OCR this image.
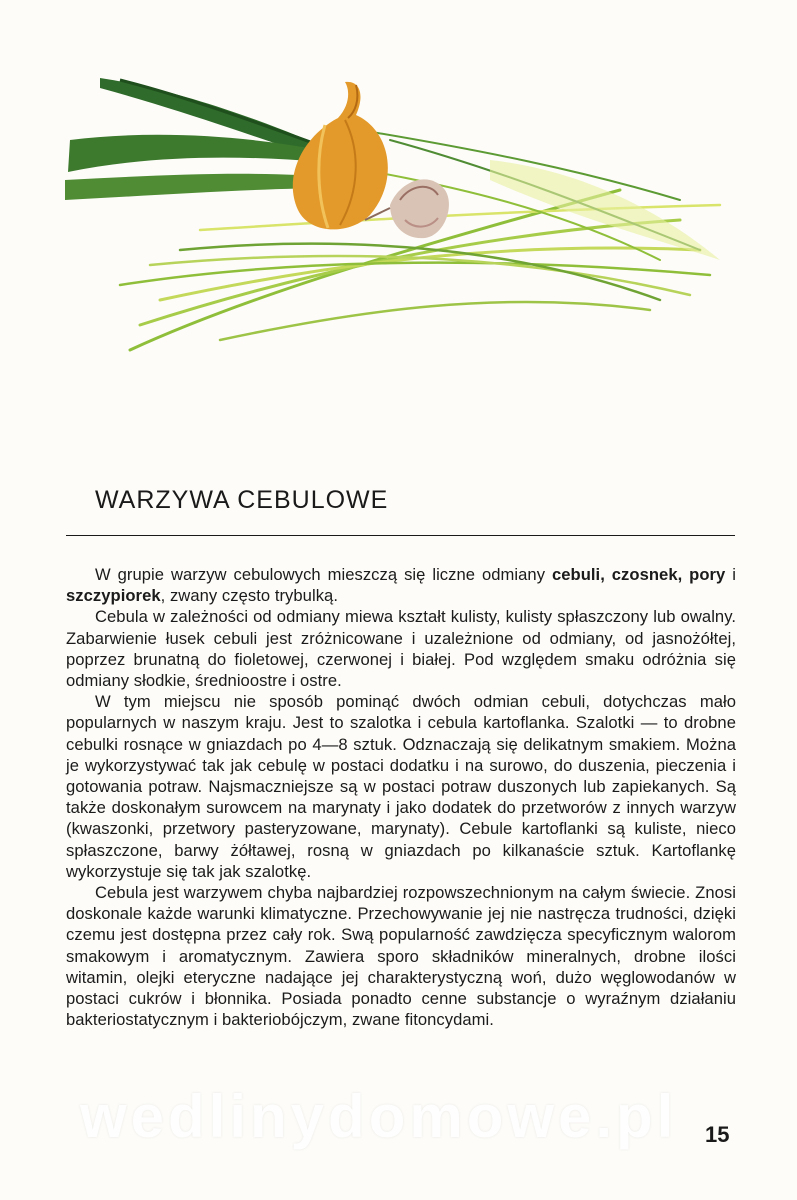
WARZYWA CEBULOWE

W grupie warzyw cebulowych mieszczą się liczne odmiany cebuli, czosnek, pory i szczypiorek, zwany często trybulką.

Cebula w zależności od odmiany miewa kształt kulisty, kulisty spłaszczony lub owalny. Zabarwienie łusek cebuli jest zróżnicowane i uzależnione od odmiany, od jasnożółtej, poprzez brunatną do fioletowej, czerwonej i białej. Pod względem smaku odróżnia się odmiany słodkie, średnioostre i ostre.

W tym miejscu nie sposób pominąć dwóch odmian cebuli, dotychczas mało popularnych w naszym kraju. Jest to szalotka i cebula kartoflanka. Szalotki — to drobne cebulki rosnące w gniazdach po 4—8 sztuk. Odznaczają się delikatnym smakiem. Można je wykorzystywać tak jak cebulę w postaci dodatku i na surowo, do duszenia, pieczenia i gotowania potraw. Najsmaczniejsze są w postaci potraw duszonych lub zapiekanych. Są także doskonałym surowcem na marynaty i jako dodatek do przetworów z innych warzyw (kwaszonki, przetwory pasteryzowane, marynaty). Cebule kartoflanki są kuliste, nieco spłaszczone, barwy żółtawej, rosną w gniazdach po kilkanaście sztuk. Kartoflankę wykorzystuje się tak jak szalotkę.

Cebula jest warzywem chyba najbardziej rozpowszechnionym na całym świecie. Znosi doskonale każde warunki klimatyczne. Przechowywanie jej nie nastręcza trudności, dzięki czemu jest dostępna przez cały rok. Swą popularność zawdzięcza specyficznym walorom smakowym i aromatycznym. Zawiera sporo składników mineralnych, drobne ilości witamin, olejki eteryczne nadające jej charakterystyczną woń, dużo węglowodanów w postaci cukrów i błonnika. Posiada ponadto cenne substancje o wyraźnym działaniu bakteriostatycznym i bakteriobójczym, zwane fitoncydami.

wedlinydomowe.pl 15
